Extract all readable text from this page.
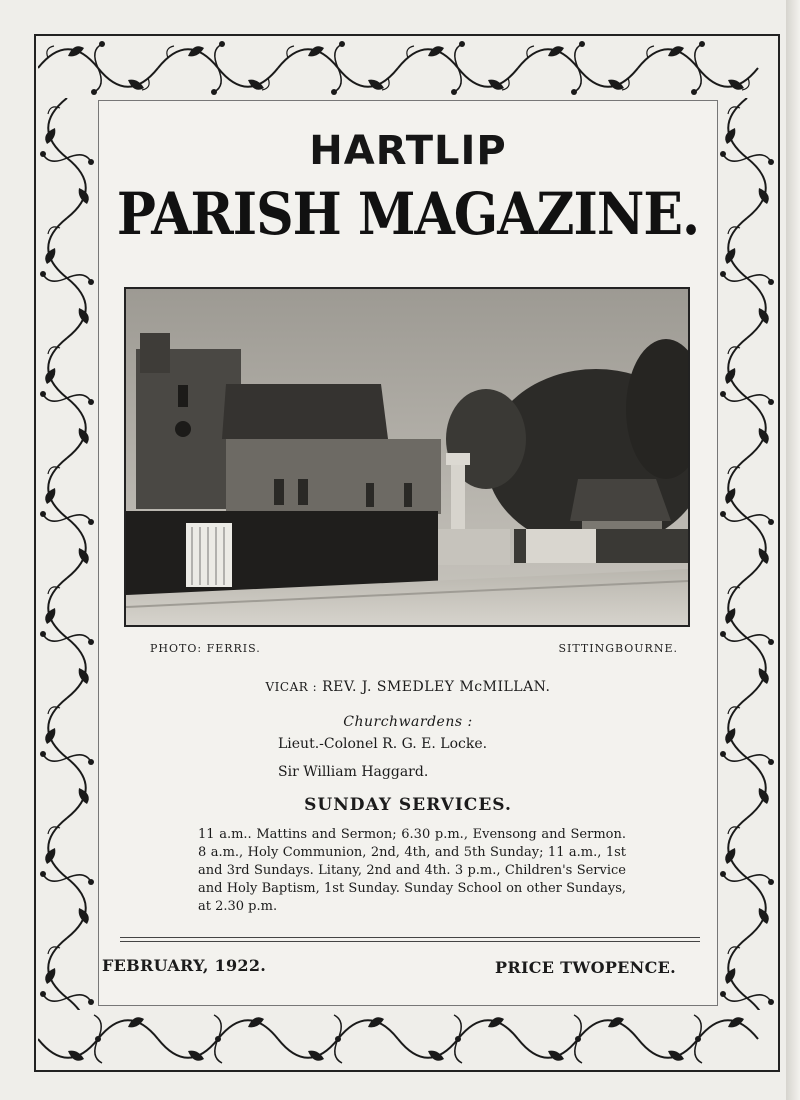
HARTLIP
PARISH MAGAZINE.
PHOTO: FERRIS.	SITTINGBOURNE.
VICAR : REV. J. SMEDLEY McMILLAN.
Churchwardens :
Lieut.-Colonel R. G. E. Locke.
Sir William Haggard.
SUNDAY SERVICES.
11 a.m.. Mattins and Sermon; 6.30 p.m., Evensong and Sermon. 8 a.m., Holy Communion, 2nd, 4th, and 5th Sunday; 11 a.m., 1st and 3rd Sundays. Litany, 2nd and 4th. 3 p.m., Children's Service and Holy Baptism, 1st Sunday. Sunday School on other Sundays, at 2.30 p.m.
FEBRUARY, 1922.	PRICE TWOPENCE.
